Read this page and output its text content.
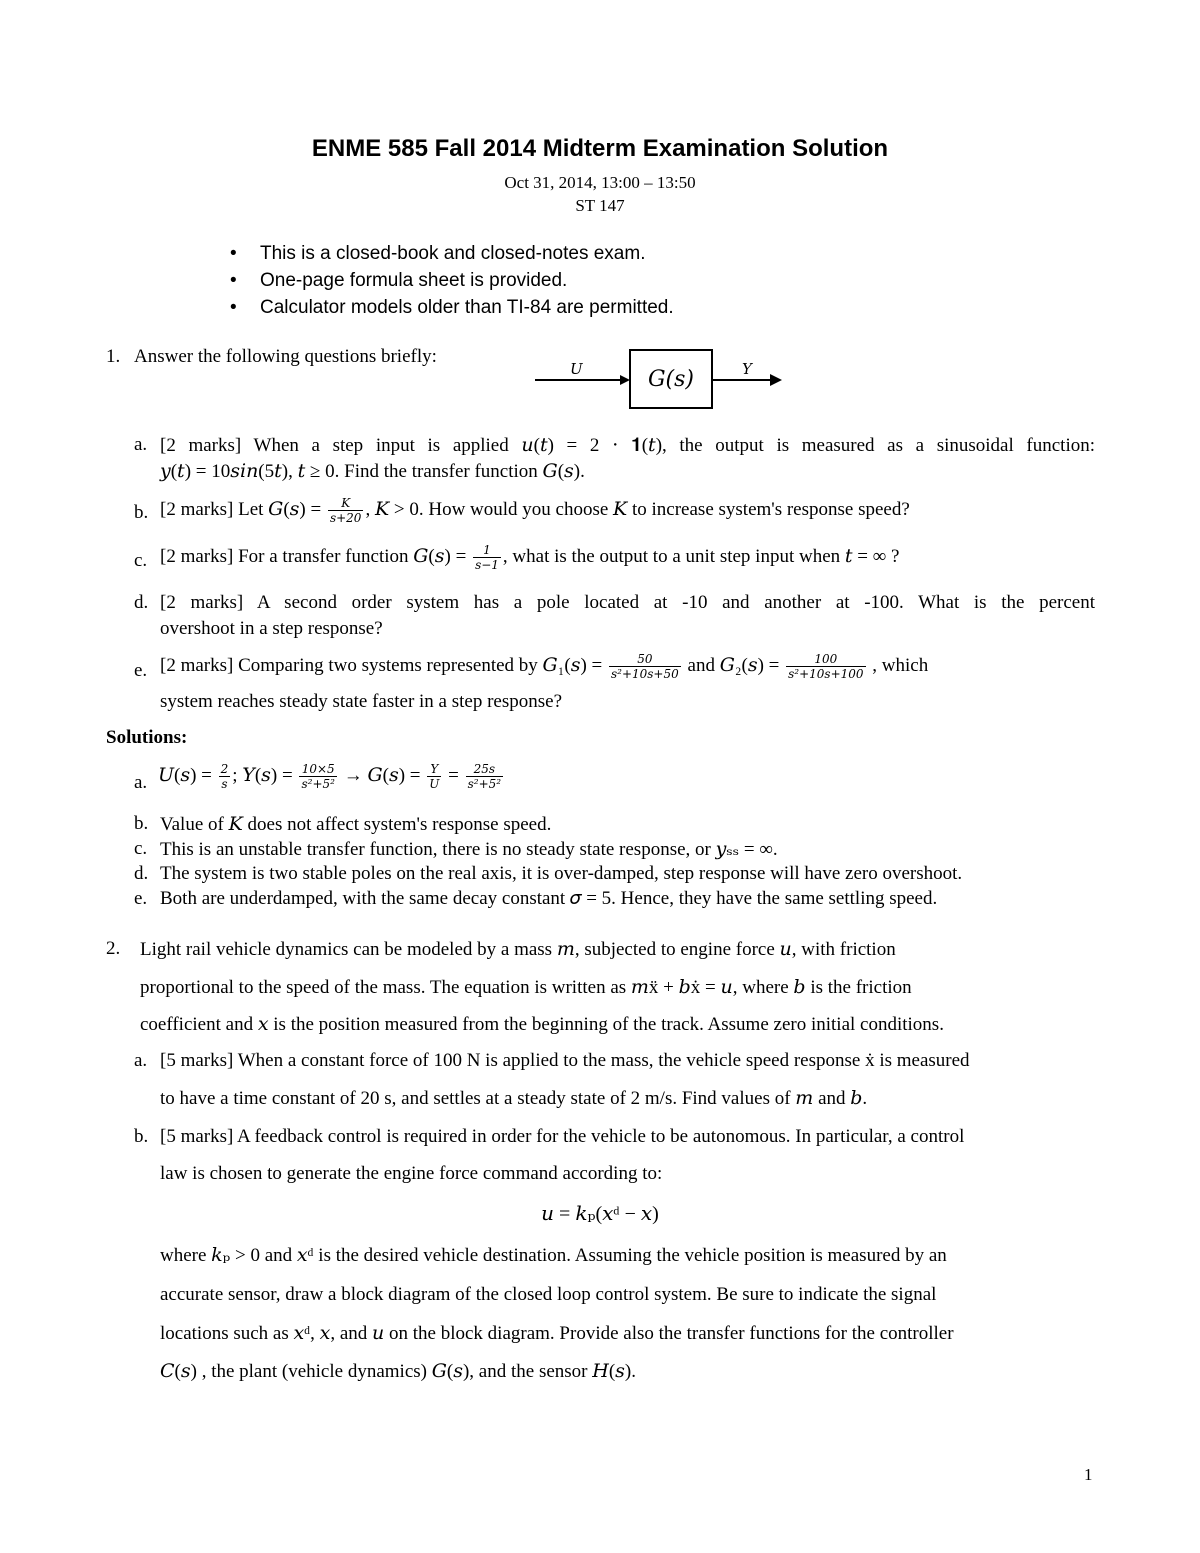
ENME 585 Fall 2014 Midterm Examination Solution
Oct 31, 2014, 13:00 – 13:50
ST 147
• This is a closed-book and closed-notes exam.
• One-page formula sheet is provided.
• Calculator models older than TI-84 are permitted.
1. Answer the following questions briefly:
U	G(s)	Y
a. [2 marks] When a step input is applied 𝑢(𝑡) = 2 ⋅ 𝟏(𝑡), the output is measured as a sinusoidal function:
𝑦(𝑡) = 10𝑠𝑖𝑛(5𝑡), 𝑡 ≥ 0. Find the transfer function 𝐺(𝑠).
b. [2 marks] Let 𝐺(𝑠) = $\frac{K}{s+20}$ , 𝐾 > 0. How would you choose 𝐾 to increase system's response speed?
c. [2 marks] For a transfer function 𝐺(𝑠) = $\frac{1}{s-1}$ , what is the output to a unit step input when 𝑡 = ∞ ?
d. [2 marks] A second order system has a pole located at -10 and another at -100. What is the percent
overshoot in a step response?
e. [2 marks] Comparing two systems represented by 𝐺₁(𝑠) = $\frac{50}{\text{s²+10s+50}}$ and 𝐺₂(𝑠) = $\frac{100}{\text{s²+10s+100}}$ , which
system reaches steady state faster in a step response?
Solutions:
a. 𝑈(𝑠) = $\frac{2}{s}$ ; 𝑌(𝑠) = $\frac{10\times 5}{\text{s²+5²}}$ → 𝐺(𝑠) = $\frac{Y}{U} = \frac{25s}{\text{s²+5²}}$
b. Value of 𝐾 does not affect system's response speed.
c. This is an unstable transfer function, there is no steady state response, or 𝑦ₛₛ = ∞.
d. The system is two stable poles on the real axis, it is over-damped, step response will have zero overshoot.
e. Both are underdamped, with the same decay constant 𝜎 = 5. Hence, they have the same settling speed.
2. Light rail vehicle dynamics can be modeled by a mass 𝑚, subjected to engine force 𝑢, with friction
proportional to the speed of the mass. The equation is written as 𝑚ẍ + 𝑏ẋ = 𝑢, where 𝑏 is the friction
coefficient and 𝑥 is the position measured from the beginning of the track. Assume zero initial conditions.
a. [5 marks] When a constant force of 100 N is applied to the mass, the vehicle speed response ẋ is measured
to have a time constant of 20 s, and settles at a steady state of 2 m/s. Find values of 𝑚 and 𝑏.
b. [5 marks] A feedback control is required in order for the vehicle to be autonomous. In particular, a control
law is chosen to generate the engine force command according to:
𝑢 = 𝑘ₚ(𝑥ᵈ − 𝑥)
where 𝑘ₚ > 0 and 𝑥ᵈ is the desired vehicle destination. Assuming the vehicle position is measured by an
accurate sensor, draw a block diagram of the closed loop control system. Be sure to indicate the signal
locations such as 𝑥ᵈ, 𝑥, and 𝑢 on the block diagram. Provide also the transfer functions for the controller
𝐶(𝑠) , the plant (vehicle dynamics) 𝐺(𝑠), and the sensor 𝐻(𝑠).
1
